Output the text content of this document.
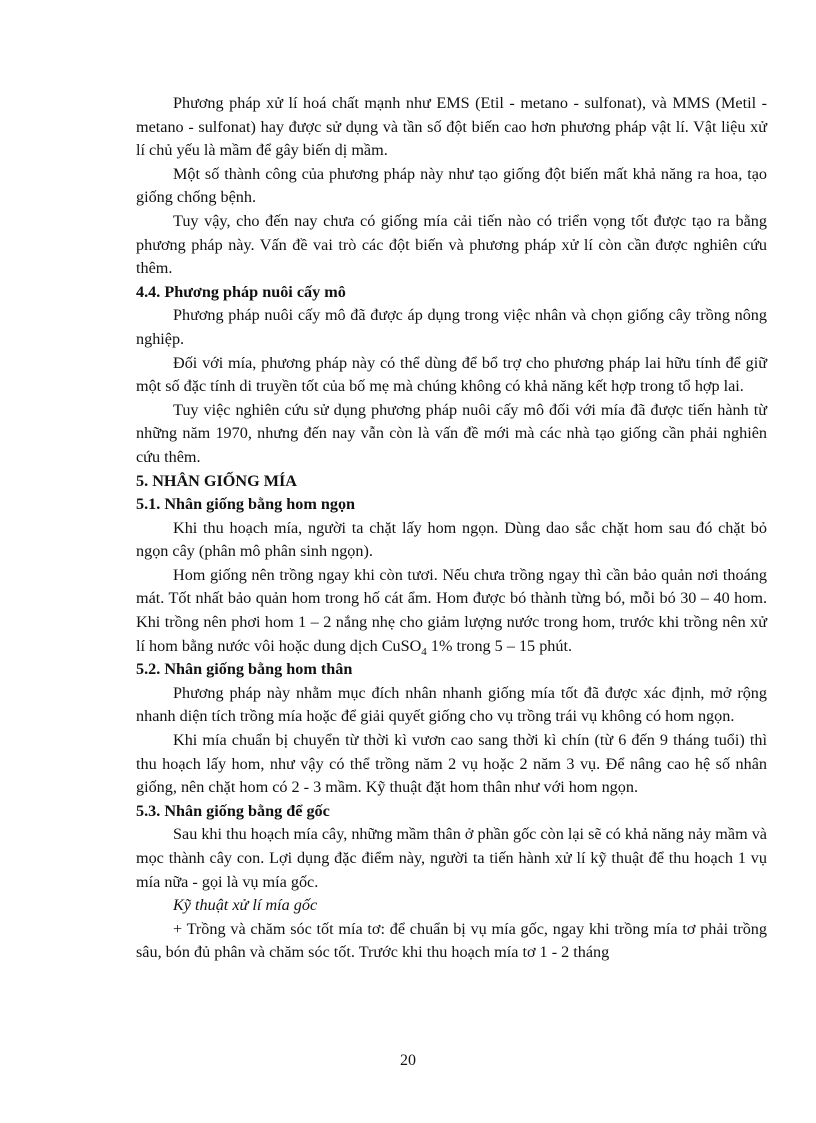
Phương pháp xử lí hoá chất mạnh như EMS (Etil - metano - sulfonat), và MMS (Metil - metano - sulfonat) hay được sử dụng và tần số đột biến cao hơn phương pháp vật lí. Vật liệu xử lí chủ yếu là mầm để gây biến dị mầm.

Một số thành công của phương pháp này như tạo giống đột biến mất khả năng ra hoa, tạo giống chống bệnh.

Tuy vậy, cho đến nay chưa có giống mía cải tiến nào có triển vọng tốt được tạo ra bằng phương pháp này. Vấn đề vai trò các đột biến và phương pháp xử lí còn cần được nghiên cứu thêm.

4.4. Phương pháp nuôi cấy mô

Phương pháp nuôi cấy mô đã được áp dụng trong việc nhân và chọn giống cây trồng nông nghiệp.

Đối với mía, phương pháp này có thể dùng để bổ trợ cho phương pháp lai hữu tính để giữ một số đặc tính di truyền tốt của bố mẹ mà chúng không có khả năng kết hợp trong tổ hợp lai.

Tuy việc nghiên cứu sử dụng phương pháp nuôi cấy mô đối với mía đã được tiến hành từ những năm 1970, nhưng đến nay vẫn còn là vấn đề mới mà các nhà tạo giống cần phải nghiên cứu thêm.

5. NHÂN GIỐNG MÍA
5.1. Nhân giống bằng hom ngọn

Khi thu hoạch mía, người ta chặt lấy hom ngọn. Dùng dao sắc chặt hom sau đó chặt bỏ ngọn cây (phân mô phân sinh ngọn).

Hom giống nên trồng ngay khi còn tươi. Nếu chưa trồng ngay thì cần bảo quản nơi thoáng mát. Tốt nhất bảo quản hom trong hố cát ẩm. Hom được bó thành từng bó, mỗi bó 30 – 40 hom. Khi trồng nên phơi hom 1 – 2 nắng nhẹ cho giảm lượng nước trong hom, trước khi trồng nên xử lí hom bằng nước vôi hoặc dung dịch CuSO$_4$ 1% trong 5 – 15 phút.

5.2. Nhân giống bằng hom thân

Phương pháp này nhằm mục đích nhân nhanh giống mía tốt đã được xác định, mở rộng nhanh diện tích trồng mía hoặc để giải quyết giống cho vụ trồng trái vụ không có hom ngọn.

Khi mía chuẩn bị chuyển từ thời kì vươn cao sang thời kì chín (từ 6 đến 9 tháng tuổi) thì thu hoạch lấy hom, như vậy có thể trồng năm 2 vụ hoặc 2 năm 3 vụ. Để nâng cao hệ số nhân giống, nên chặt hom có 2 - 3 mầm. Kỹ thuật đặt hom thân như với hom ngọn.

5.3. Nhân giống bằng để gốc

Sau khi thu hoạch mía cây, những mầm thân ở phần gốc còn lại sẽ có khả năng nảy mầm và mọc thành cây con. Lợi dụng đặc điểm này, người ta tiến hành xử lí kỹ thuật để thu hoạch 1 vụ mía nữa - gọi là vụ mía gốc.

Kỹ thuật xử lí mía gốc

+ Trồng và chăm sóc tốt mía tơ: để chuẩn bị vụ mía gốc, ngay khi trồng mía tơ phải trồng sâu, bón đủ phân và chăm sóc tốt. Trước khi thu hoạch mía tơ 1 - 2 tháng

20
